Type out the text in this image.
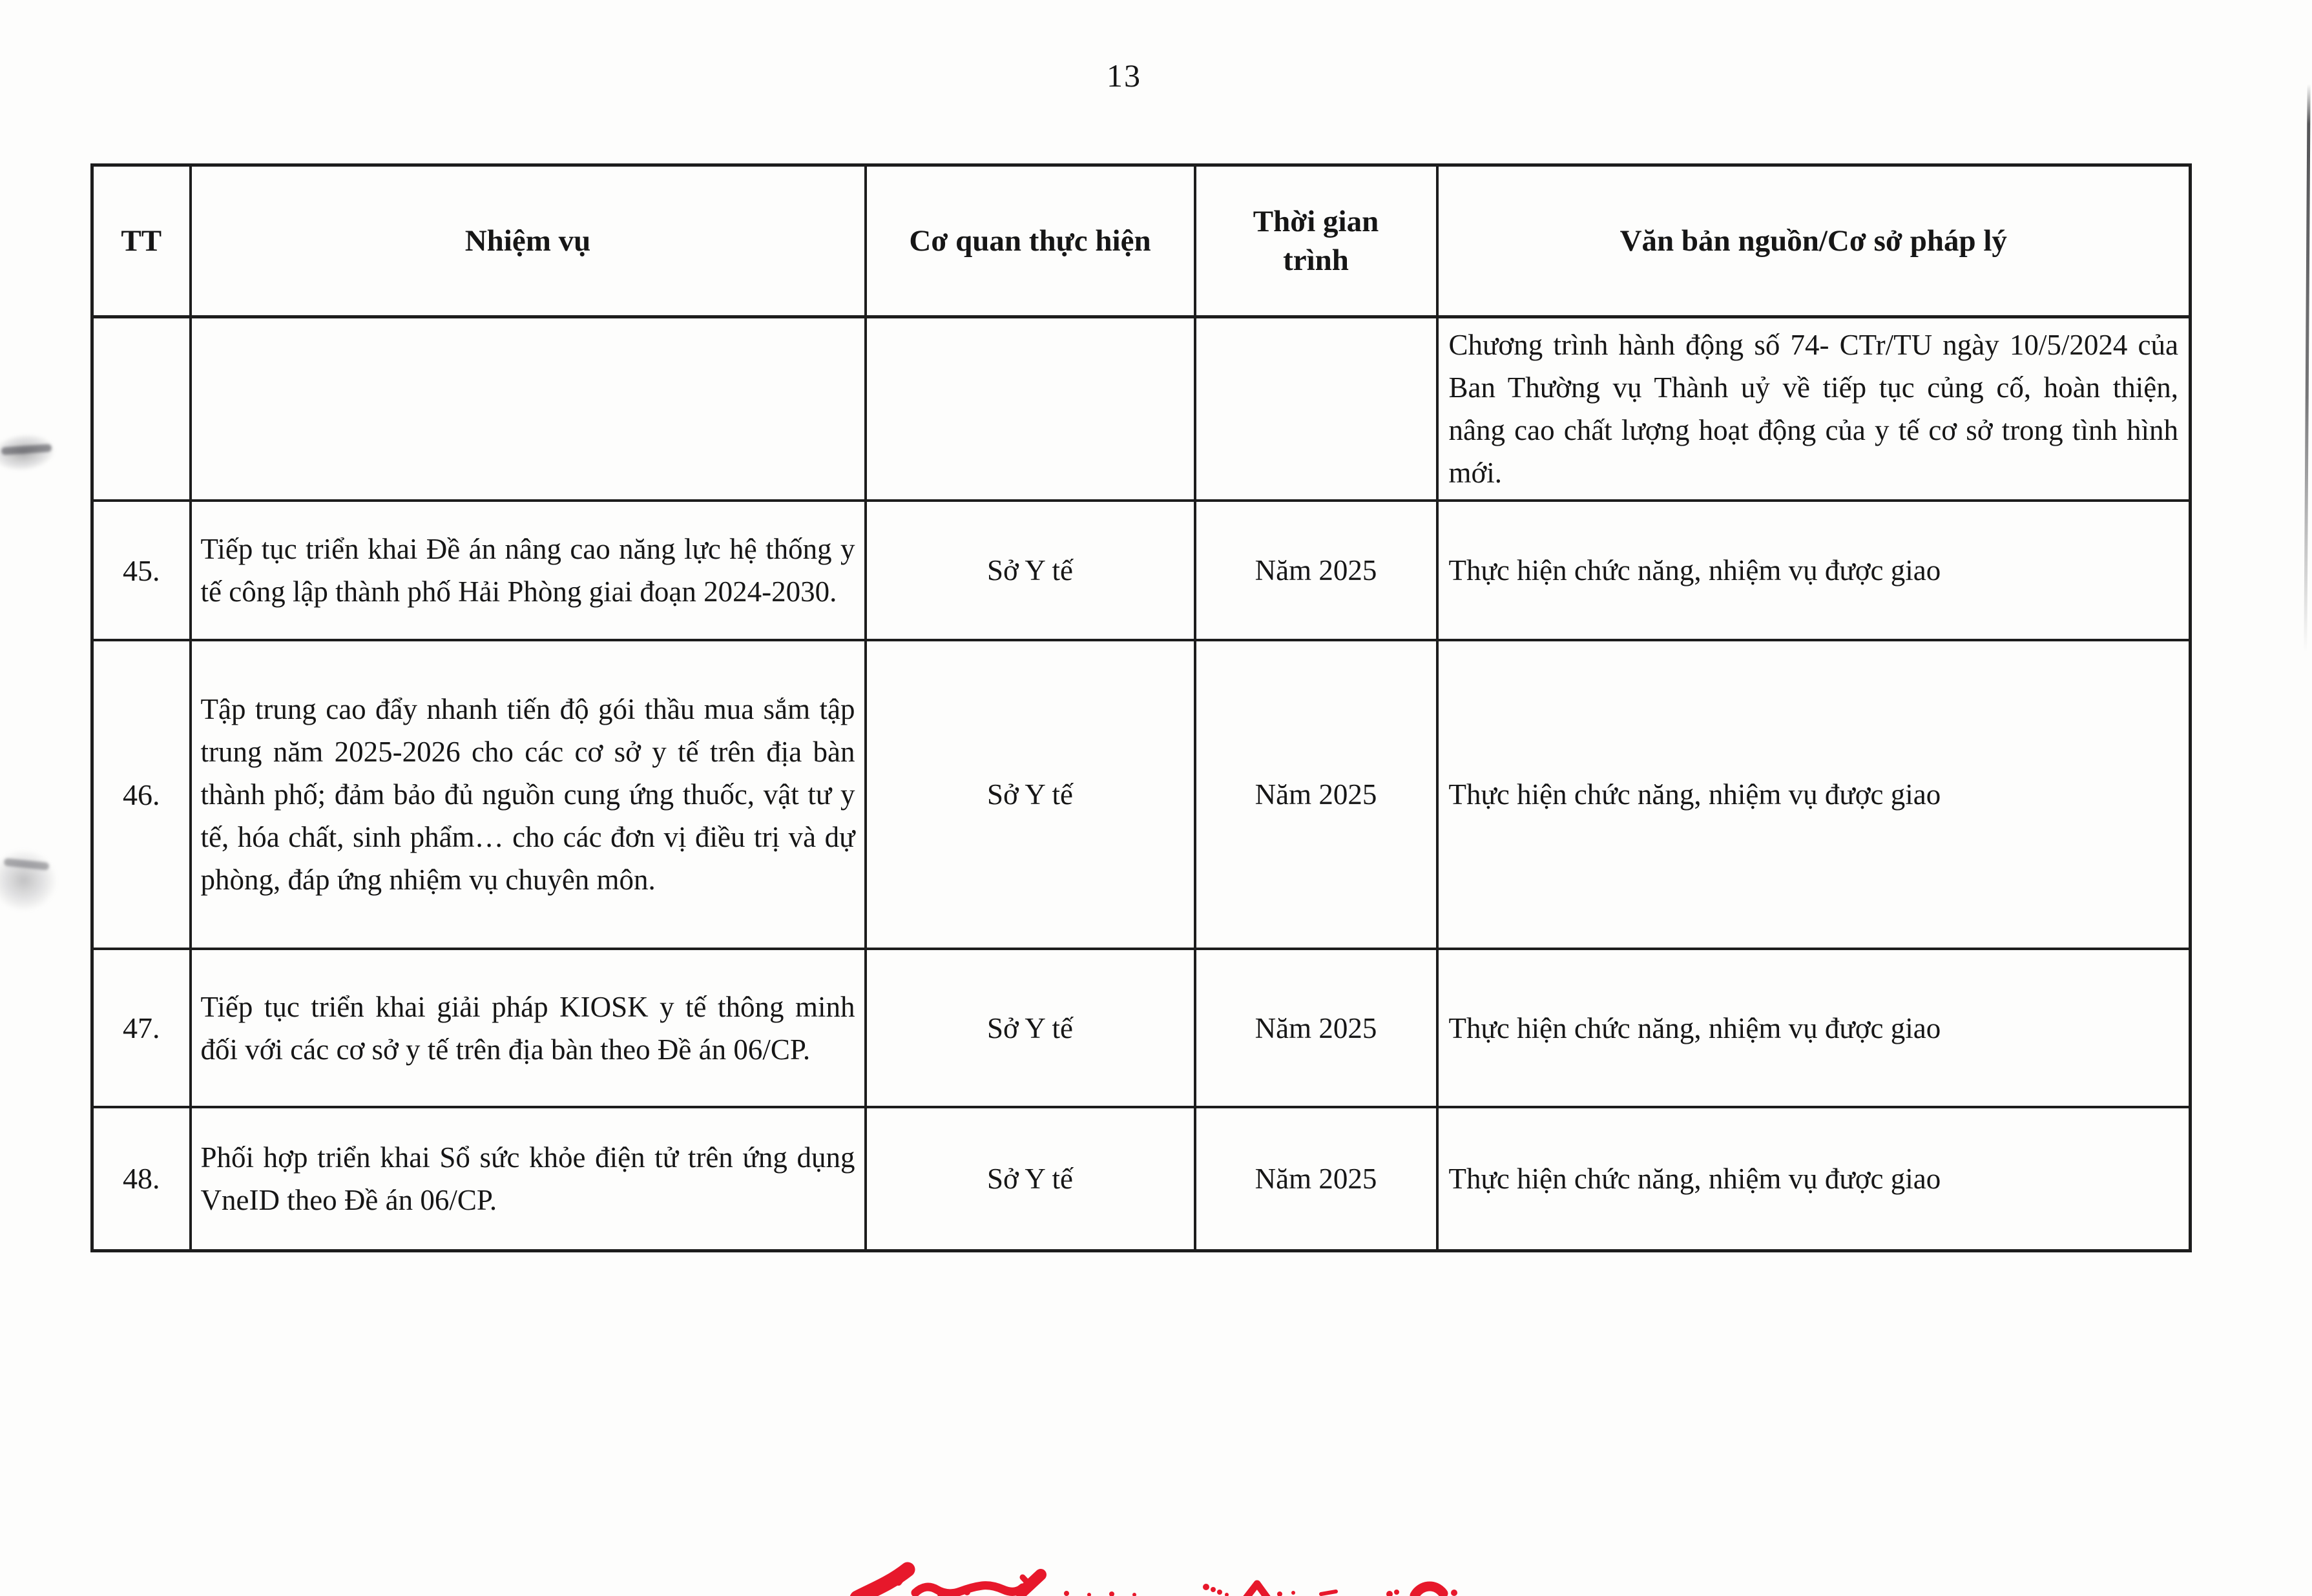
13
TT	Nhiệm vụ	Cơ quan thực hiện	Thời gian trình	Văn bản nguồn/Cơ sở pháp lý
				Chương trình hành động số 74- CTr/TU ngày 10/5/2024 của Ban Thường vụ Thành uỷ về tiếp tục củng cố, hoàn thiện, nâng cao chất lượng hoạt động của y tế cơ sở trong tình hình mới.
45.	Tiếp tục triển khai Đề án nâng cao năng lực hệ thống y tế công lập thành phố Hải Phòng giai đoạn 2024-2030.	Sở Y tế	Năm 2025	Thực hiện chức năng, nhiệm vụ được giao
46.	Tập trung cao đẩy nhanh tiến độ gói thầu mua sắm tập trung năm 2025-2026 cho các cơ sở y tế trên địa bàn thành phố; đảm bảo đủ nguồn cung ứng thuốc, vật tư y tế, hóa chất, sinh phẩm… cho các đơn vị điều trị và dự phòng, đáp ứng nhiệm vụ chuyên môn.	Sở Y tế	Năm 2025	Thực hiện chức năng, nhiệm vụ được giao
47.	Tiếp tục triển khai giải pháp KIOSK y tế thông minh đối với các cơ sở y tế trên địa bàn theo Đề án 06/CP.	Sở Y tế	Năm 2025	Thực hiện chức năng, nhiệm vụ được giao
48.	Phối hợp triển khai Sổ sức khỏe điện tử trên ứng dụng VneID theo Đề án 06/CP.	Sở Y tế	Năm 2025	Thực hiện chức năng, nhiệm vụ được giao
